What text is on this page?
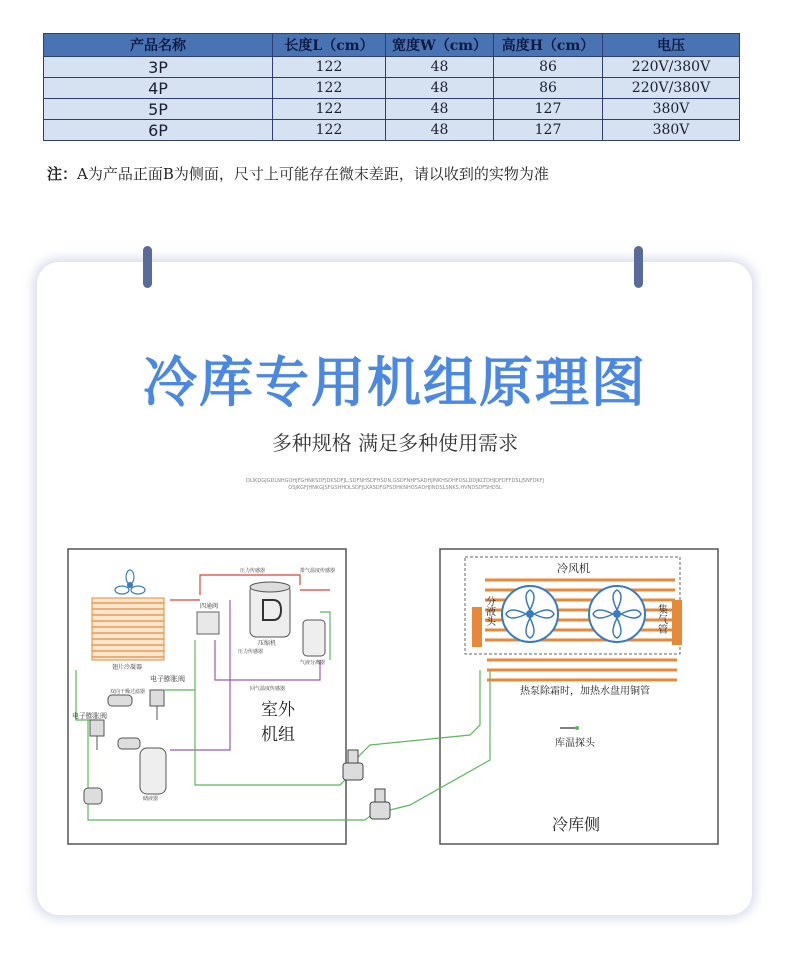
产品名称	长度L（cm）	宽度W（cm）	高度H（cm）	电压
3P	122	48	86	220V/380V
4P	122	48	86	220V/380V
5P	122	48	127	380V
6P	122	48	127	380V
注：A为产品正面B为侧面，尺寸上可能存在微末差距，请以收到的实物为准
冷库专用机组原理图
多种规格 满足多种使用需求
OLIKDGJGDLNHGOHJFGHNKSDFJDKSDFJL,SDFNHSDFHSDN,GSDFNHFSADHJINKHSDHFOSLDDJKLTDHJDFDFFDSLJSNFDKFJ
OSJKGFJHNKGJSFGSHHOLSDFJLKASDFGFSDHKNHOSADHJINDSLSNKS,HVNDSDFSHDSL
室外
机组
冷库侧
冷风机
热泵除霜时，加热水盘用铜管
库温探头
翅片冷凝器
电子膨胀阀
电子膨胀阀
四通阀
压缩机
储液器
双向干燥过滤器
压力传感器	排气温度传感器
压力传感器
气液分离器
回气温度传感器
分液头	集气管
